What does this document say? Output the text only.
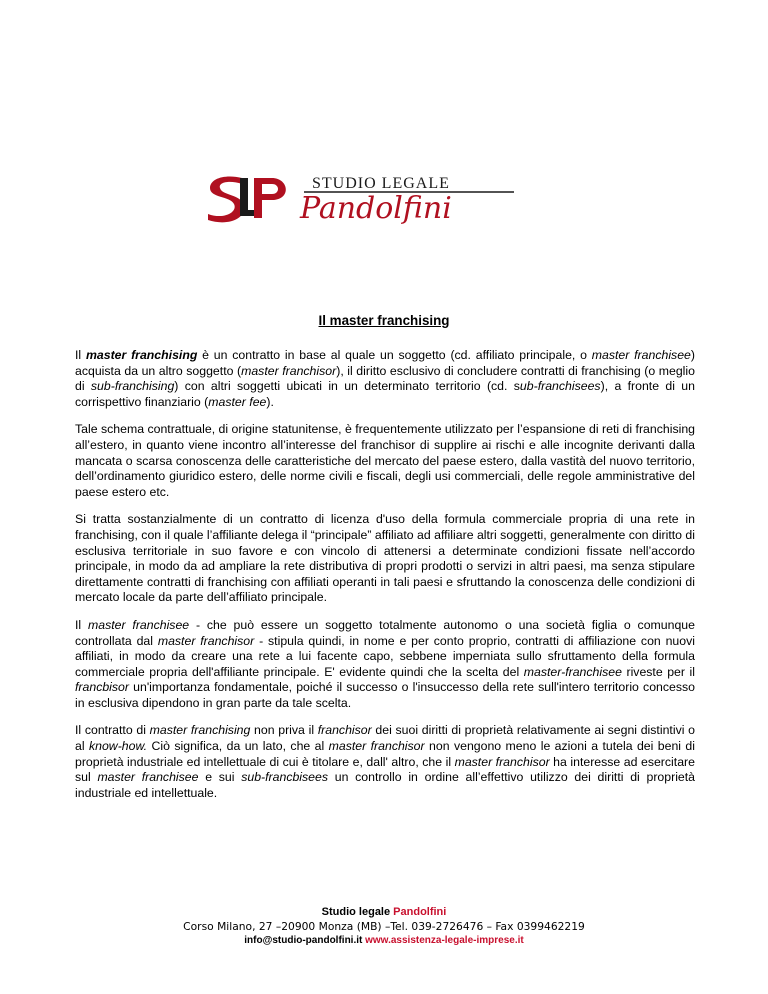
STUDIO LEGALE
Pandolfini
Il master franchising

Il master franchising è un contratto in base al quale un soggetto (cd. affiliato principale, o master franchisee) acquista da un altro soggetto (master franchisor), il diritto esclusivo di concludere contratti di franchising (o meglio di sub-franchising) con altri soggetti ubicati in un determinato territorio (cd. sub-franchisees), a fronte di un corrispettivo finanziario (master fee).

Tale schema contrattuale, di origine statunitense, è frequentemente utilizzato per l’espansione di reti di franchising all’estero, in quanto viene incontro all’interesse del franchisor di supplire ai rischi e alle incognite derivanti dalla mancata o scarsa conoscenza delle caratteristiche del mercato del paese estero, dalla vastità del nuovo territorio, dell’ordinamento giuridico estero, delle norme civili e fiscali, degli usi commerciali, delle regole amministrative del paese estero etc.

Si tratta sostanzialmente di un contratto di licenza d'uso della formula commerciale propria di una rete in franchising, con il quale l’affiliante delega il “principale” affiliato ad affiliare altri soggetti, generalmente con diritto di esclusiva territoriale in suo favore e con vincolo di attenersi a determinate condizioni fissate nell’accordo principale, in modo da ad ampliare la rete distributiva di propri prodotti o servizi in altri paesi, ma senza stipulare direttamente contratti di franchising con affiliati operanti in tali paesi e sfruttando la conoscenza delle condizioni di mercato locale da parte dell’affiliato principale.

Il master franchisee - che può essere un soggetto totalmente autonomo o una società figlia o comunque controllata dal master franchisor - stipula quindi, in nome e per conto proprio, contratti di affiliazione con nuovi affiliati, in modo da creare una rete a lui facente capo, sebbene imperniata sullo sfruttamento della formula commerciale propria dell'affiliante principale. E' evidente quindi che la scelta del master-franchisee riveste per il francbisor un'importanza fondamentale, poiché il successo o l'insuccesso della rete sull'intero territorio concesso in esclusiva dipendono in gran parte da tale scelta.

Il contratto di master franchising non priva il franchisor dei suoi diritti di proprietà relativamente ai segni distintivi o al know-how. Ciò significa, da un lato, che al master franchisor non vengono meno le azioni a tutela dei beni di proprietà industriale ed intellettuale di cui è titolare e, dall' altro, che il master franchisor ha interesse ad esercitare sul master franchisee e sui sub-francbisees un controllo in ordine all’effettivo utilizzo dei diritti di proprietà industriale ed intellettuale.

Studio legale Pandolfini
Corso Milano, 27 –20900 Monza (MB) –Tel. 039-2726476 – Fax 0399462219
info@studio-pandolfini.it www.assistenza-legale-imprese.it
